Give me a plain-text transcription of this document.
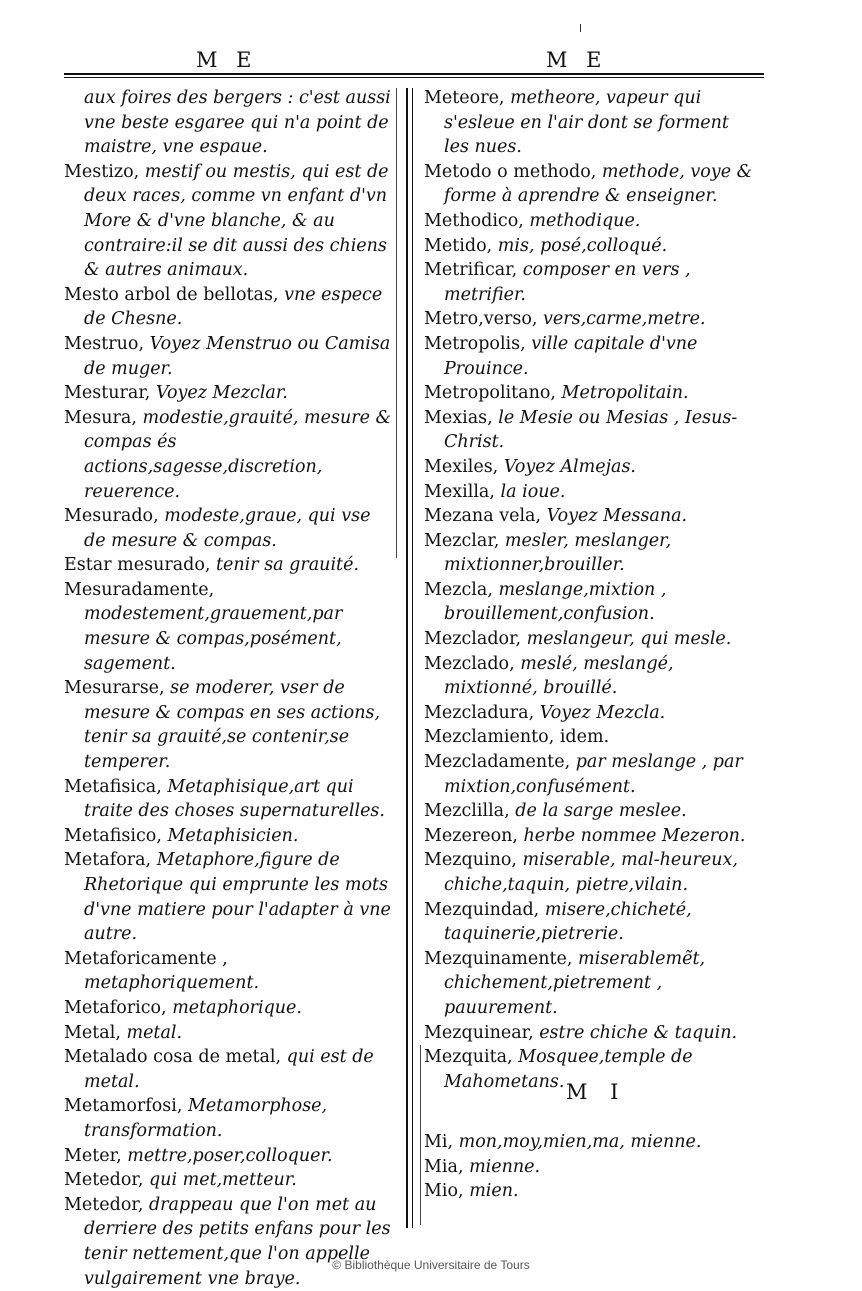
M E	M E

aux foires des bergers : c'est aussi vne beste esgaree qui n'a point de maistre, vne espaue.

Mestizo, mestif ou mestis, qui est de deux races, comme vn enfant d'vn More & d'vne blanche, & au contraire:il se dit aussi des chiens & autres animaux.

Mesto arbol de bellotas, vne espece de Chesne.

Mestruo, Voyez Menstruo ou Camisa de muger.

Mesturar, Voyez Mezclar.

Mesura, modestie,grauité, mesure & compas és actions,sagesse,discretion, reuerence.

Mesurado, modeste,graue, qui vse de mesure & compas.

Estar mesurado, tenir sa grauité.

Mesuradamente, modestement,grauement,par mesure & compas,posément, sagement.

Mesurarse, se moderer, vser de mesure & compas en ses actions, tenir sa grauité,se contenir,se temperer.

Metafisica, Metaphisique,art qui traite des choses supernaturelles.

Metafisico, Metaphisicien.

Metafora, Metaphore,figure de Rhetorique qui emprunte les mots d'vne matiere pour l'adapter à vne autre.

Metaforicamente , metaphoriquement.

Metaforico, metaphorique.

Metal, metal.

Metalado cosa de metal, qui est de metal.

Metamorfosi, Metamorphose, transformation.

Meter, mettre,poser,colloquer.

Metedor, qui met,metteur.

Metedor, drappeau que l'on met au derriere des petits enfans pour les tenir nettement,que l'on appelle vulgairement vne braye.

Meteore, metheore, vapeur qui s'esleue en l'air dont se forment les nues.

Metodo o methodo, methode, voye & forme à aprendre & enseigner.

Methodico, methodique.

Metido, mis, posé,colloqué.

Metrificar, composer en vers , metrifier.

Metro,verso, vers,carme,metre.

Metropolis, ville capitale d'vne Prouince.

Metropolitano, Metropolitain.

Mexias, le Mesie ou Mesias , Iesus-Christ.

Mexiles, Voyez Almejas.

Mexilla, la ioue.

Mezana vela, Voyez Messana.

Mezclar, mesler, meslanger, mixtionner,brouiller.

Mezcla, meslange,mixtion , brouillement,confusion.

Mezclador, meslangeur, qui mesle.

Mezclado, meslé, meslangé, mixtionné, brouillé.

Mezcladura, Voyez Mezcla.

Mezclamiento, idem.

Mezcladamente, par meslange , par mixtion,confusément.

Mezclilla, de la sarge meslee.

Mezereon, herbe nommee Mezeron.

Mezquino, miserable, mal-heureux, chiche,taquin, pietre,vilain.

Mezquindad, misere,chicheté, taquinerie,pietrerie.

Mezquinamente, miserablemẽt, chichement,pietrement , pauurement.

Mezquinear, estre chiche & taquin.

Mezquita, Mosquee,temple de Mahometans. M I

Mi, mon,moy,mien,ma, mienne.

Mia, mienne.

Mio, mien.

© Bibliothèque Universitaire de Tours
